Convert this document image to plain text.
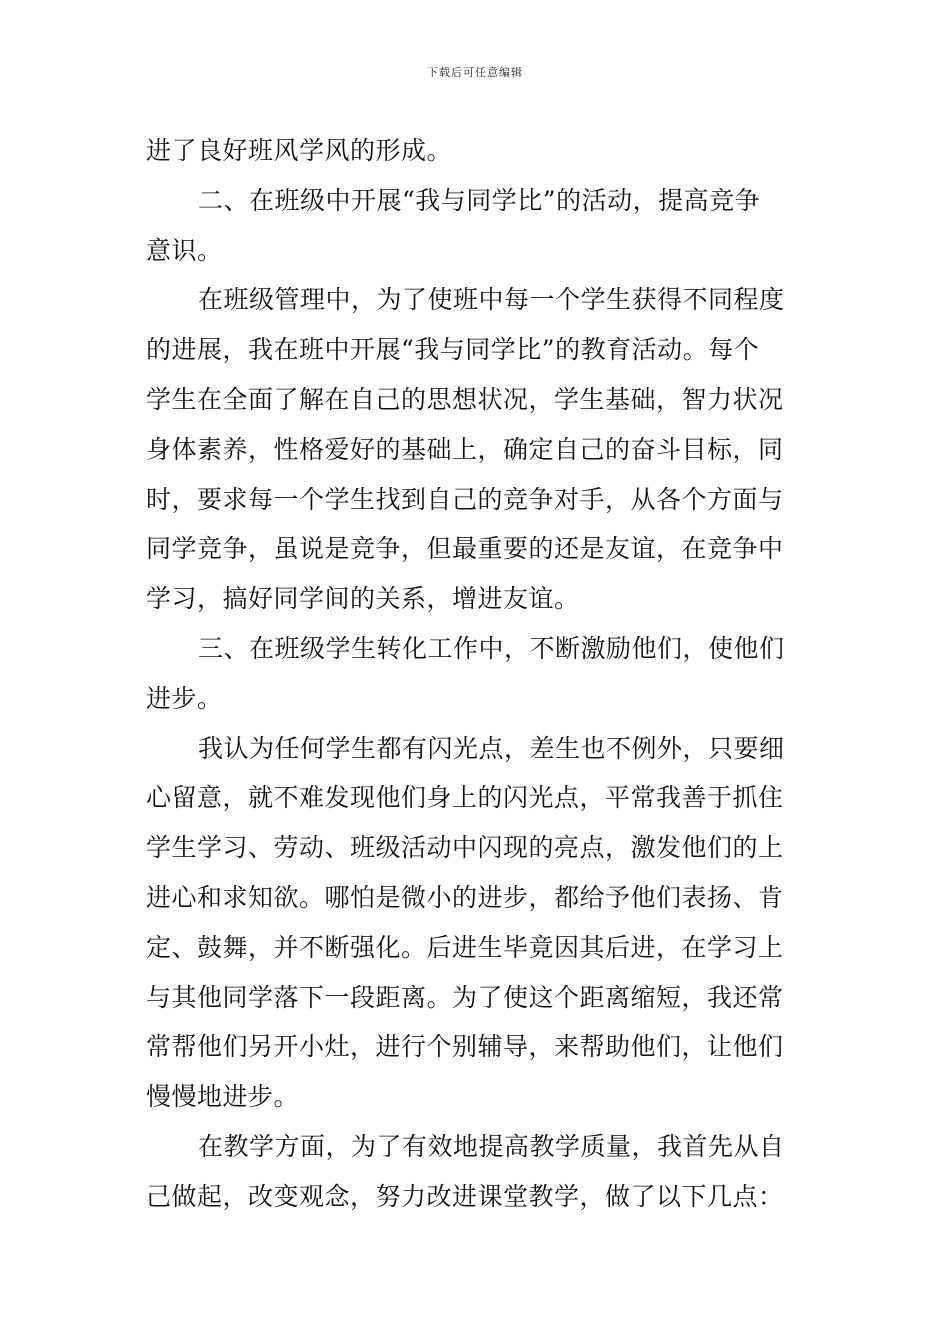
下载后可任意编辑
进了良好班风学风的形成。
二、在班级中开展“我与同学比”的活动，提高竞争
意识。
在班级管理中，为了使班中每一个学生获得不同程度
的进展，我在班中开展“我与同学比”的教育活动。每个
学生在全面了解在自己的思想状况，学生基础，智力状况
身体素养，性格爱好的基础上，确定自己的奋斗目标，同
时，要求每一个学生找到自己的竞争对手，从各个方面与
同学竞争，虽说是竞争，但最重要的还是友谊，在竞争中
学习，搞好同学间的关系，增进友谊。
三、在班级学生转化工作中，不断激励他们，使他们
进步。
我认为任何学生都有闪光点，差生也不例外，只要细
心留意，就不难发现他们身上的闪光点，平常我善于抓住
学生学习、劳动、班级活动中闪现的亮点，激发他们的上
进心和求知欲。哪怕是微小的进步，都给予他们表扬、肯
定、鼓舞，并不断强化。后进生毕竟因其后进，在学习上
与其他同学落下一段距离。为了使这个距离缩短，我还常
常帮他们另开小灶，进行个别辅导，来帮助他们，让他们
慢慢地进步。
在教学方面，为了有效地提高教学质量，我首先从自
己做起，改变观念，努力改进课堂教学，做了以下几点：
